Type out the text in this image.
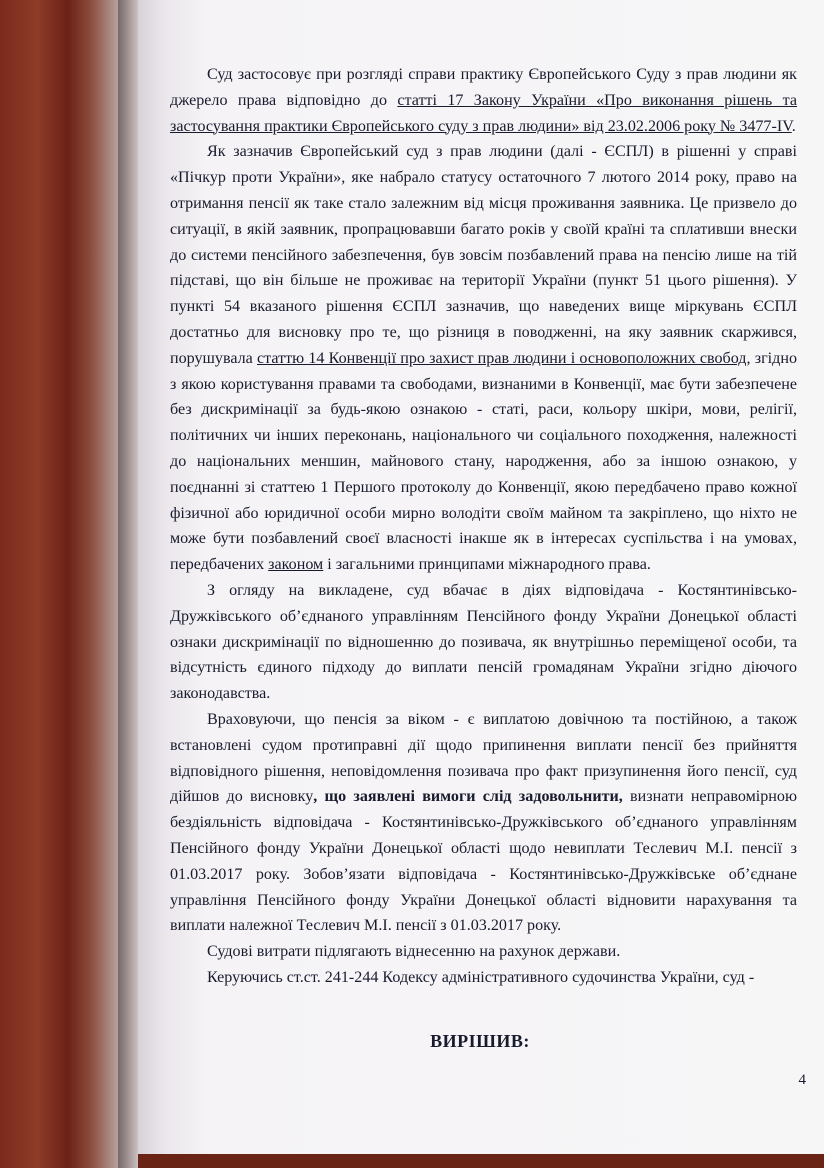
Суд застосовує при розгляді справи практику Європейського Суду з прав людини як джерело права відповідно до статті 17 Закону України «Про виконання рішень та застосування практики Європейського суду з прав людини» від 23.02.2006 року № 3477-IV.

Як зазначив Європейський суд з прав людини (далі - ЄСПЛ) в рішенні у справі «Пічкур проти України», яке набрало статусу остаточного 7 лютого 2014 року, право на отримання пенсії як таке стало залежним від місця проживання заявника. Це призвело до ситуації, в якій заявник, пропрацювавши багато років у своїй країні та сплативши внески до системи пенсійного забезпечення, був зовсім позбавлений права на пенсію лише на тій підставі, що він більше не проживає на території України (пункт 51 цього рішення). У пункті 54 вказаного рішення ЄСПЛ зазначив, що наведених вище міркувань ЄСПЛ достатньо для висновку про те, що різниця в поводженні, на яку заявник скаржився, порушувала статтю 14 Конвенції про захист прав людини і основоположних свобод, згідно з якою користування правами та свободами, визнаними в Конвенції, має бути забезпечене без дискримінації за будь-якою ознакою - статі, раси, кольору шкіри, мови, релігії, політичних чи інших переконань, національного чи соціального походження, належності до національних меншин, майнового стану, народження, або за іншою ознакою, у поєднанні зі статтею 1 Першого протоколу до Конвенції, якою передбачено право кожної фізичної або юридичної особи мирно володіти своїм майном та закріплено, що ніхто не може бути позбавлений своєї власності інакше як в інтересах суспільства і на умовах, передбачених законом і загальними принципами міжнародного права.

З огляду на викладене, суд вбачає в діях відповідача - Костянтинівсько-Дружківського об’єднаного управлінням Пенсійного фонду України Донецької області ознаки дискримінації по відношенню до позивача, як внутрішньо переміщеної особи, та відсутність єдиного підходу до виплати пенсій громадянам України згідно діючого законодавства.

Враховуючи, що пенсія за віком - є виплатою довічною та постійною, а також встановлені судом протиправні дії щодо припинення виплати пенсії без прийняття відповідного рішення, неповідомлення позивача про факт призупинення його пенсії, суд дійшов до висновку, що заявлені вимоги слід задовольнити, визнати неправомірною бездіяльність відповідача - Костянтинівсько-Дружківського об’єднаного управлінням Пенсійного фонду України Донецької області щодо невиплати Теслевич М.І. пенсії з 01.03.2017 року. Зобов’язати відповідача - Костянтинівсько-Дружківське об’єднане управління Пенсійного фонду України Донецької області відновити нарахування та виплати належної Теслевич М.І. пенсії з 01.03.2017 року.

Судові витрати підлягають віднесенню на рахунок держави.

Керуючись ст.ст. 241-244 Кодексу адміністративного судочинства України, суд -

ВИРІШИВ:
4
